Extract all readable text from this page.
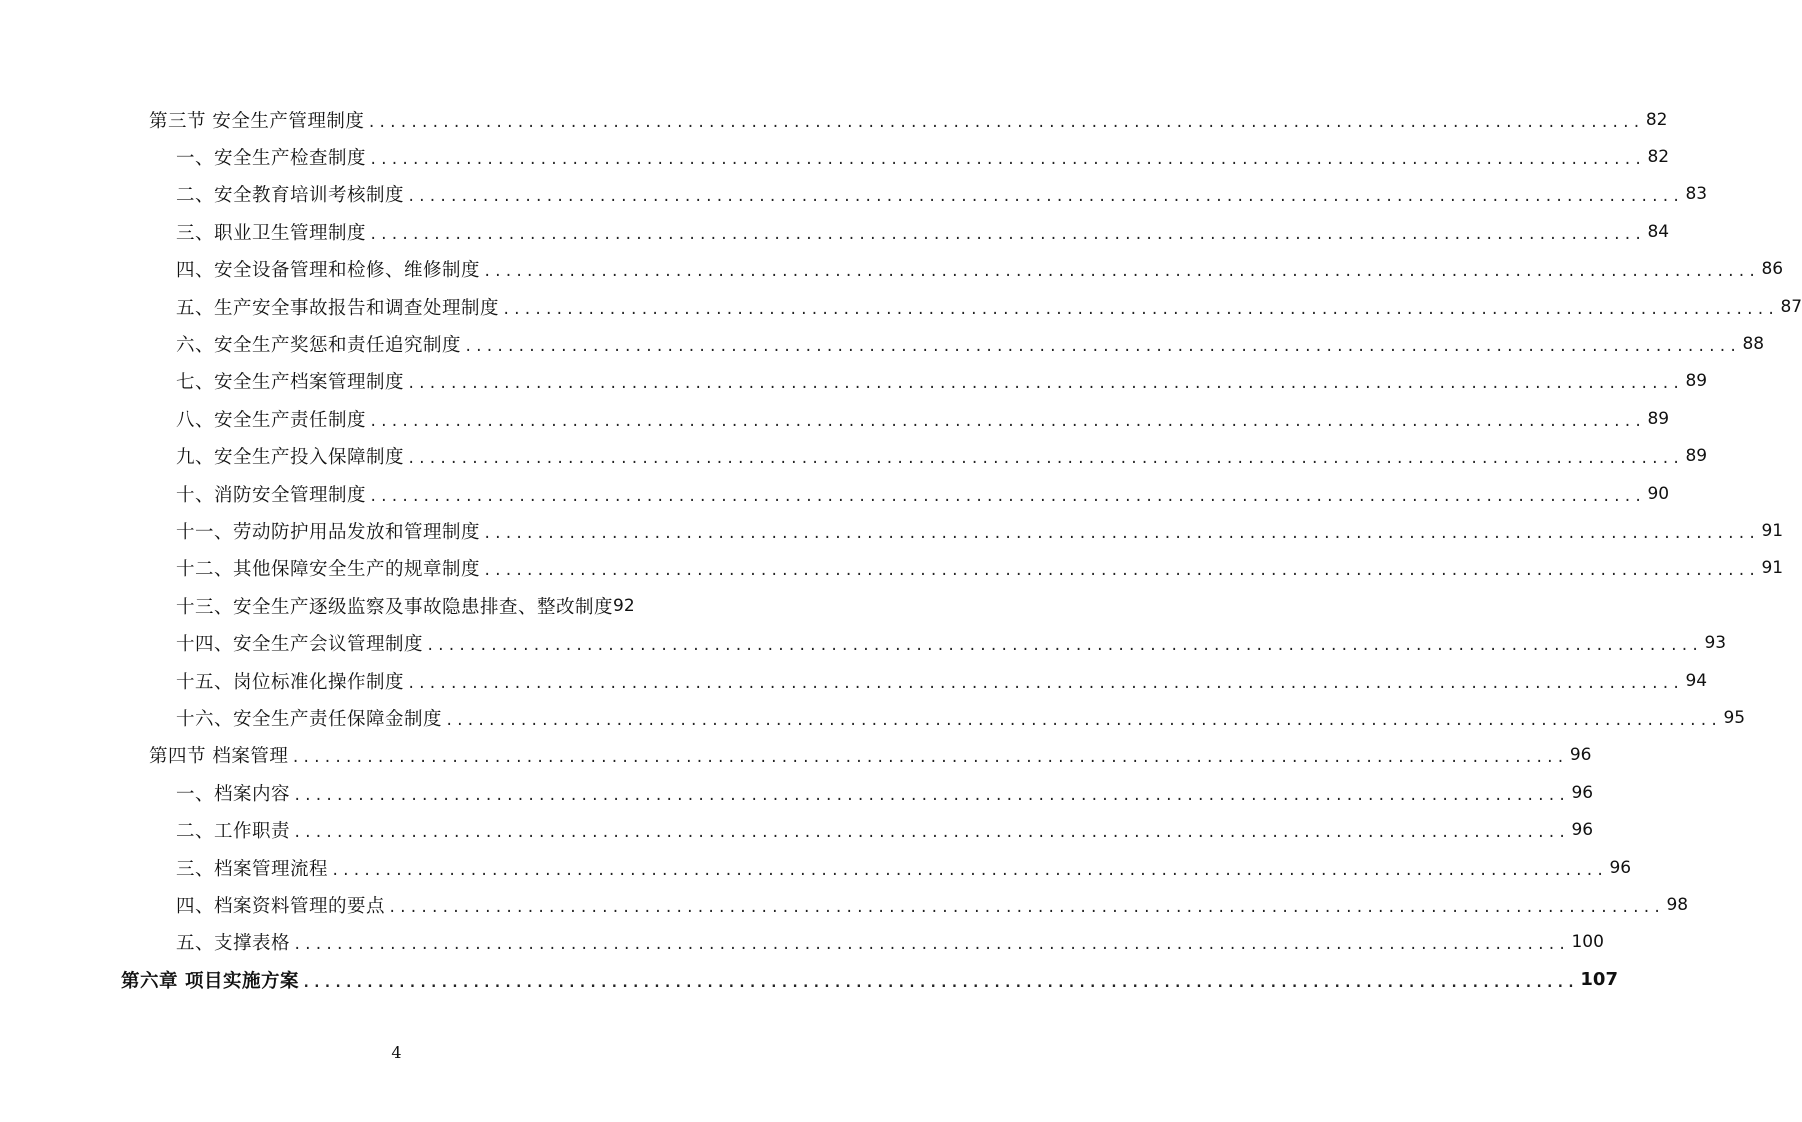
第三节 安全生产管理制度 ........................................................................................................................ 82
一、安全生产检查制度 ........................................................................................................................ 82
二、安全教育培训考核制度 ........................................................................................................................ 83
三、职业卫生管理制度 ........................................................................................................................ 84
四、安全设备管理和检修、维修制度 ........................................................................................................................ 86
五、生产安全事故报告和调查处理制度 ........................................................................................................................ 87
六、安全生产奖惩和责任追究制度 ........................................................................................................................ 88
七、安全生产档案管理制度 ........................................................................................................................ 89
八、安全生产责任制度 ........................................................................................................................ 89
九、安全生产投入保障制度 ........................................................................................................................ 89
十、消防安全管理制度 ........................................................................................................................ 90
十一、劳动防护用品发放和管理制度 ........................................................................................................................ 91
十二、其他保障安全生产的规章制度 ........................................................................................................................ 91
十三、安全生产逐级监察及事故隐患排查、整改制度 92
十四、安全生产会议管理制度 ........................................................................................................................ 93
十五、岗位标准化操作制度 ........................................................................................................................ 94
十六、安全生产责任保障金制度 ........................................................................................................................ 95
第四节 档案管理 ........................................................................................................................ 96
一、档案内容 ........................................................................................................................ 96
二、工作职责 ........................................................................................................................ 96
三、档案管理流程 ........................................................................................................................ 96
四、档案资料管理的要点 ........................................................................................................................ 98
五、支撑表格 ........................................................................................................................ 100
第六章 项目实施方案 ........................................................................................................................ 107
4
